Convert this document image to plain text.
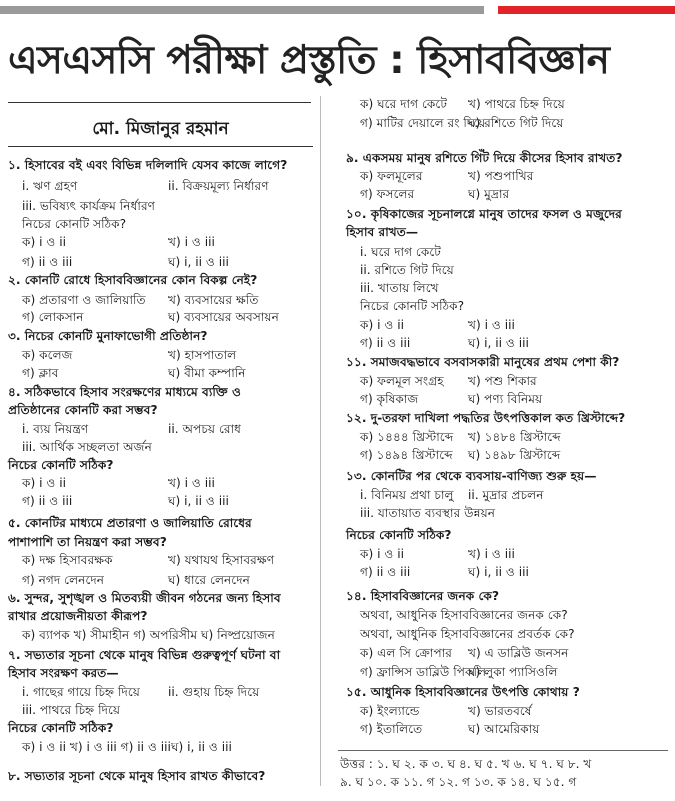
এসএসসি পরীক্ষা প্রস্তুতি : হিসাববিজ্ঞান
মো. মিজানুর রহমান
১. হিসাবের বই এবং বিভিন্ন দলিলাদি যেসব কাজে লাগে?
i. ঋণ গ্রহণ	ii. বিক্রয়মূল্য নির্ধারণ
iii. ভবিষ্যৎ কার্যক্রম নির্ধারণ
নিচের কোনটি সঠিক?
ক) i ও ii	খ) i ও iii
গ) ii ও iii	ঘ) i, ii ও iii
২. কোনটি রোধে হিসাববিজ্ঞানের কোন বিকল্প নেই?
ক) প্রতারণা ও জালিয়াতি খ) ব্যবসায়ের ক্ষতি
গ) লোকসান	ঘ) ব্যবসায়ের অবসায়ন
৩. নিচের কোনটি মুনাফাভোগী প্রতিষ্ঠান?
ক) কলেজ	খ) হাসপাতাল
গ) ক্লাব	ঘ) বীমা কম্পানি
৪. সঠিকভাবে হিসাব সংরক্ষণের মাধ্যমে ব্যক্তি ও
প্রতিষ্ঠানের কোনটি করা সম্ভব?
i. ব্যয় নিয়ন্ত্রণ	ii. অপচয় রোধ
iii. আর্থিক সচ্ছলতা অর্জন
নিচের কোনটি সঠিক?
ক) i ও ii	খ) i ও iii
গ) ii ও iii	ঘ) i, ii ও iii
৫. কোনটির মাধ্যমে প্রতারণা ও জালিয়াতি রোধের
পাশাপাশি তা নিয়ন্ত্রণ করা সম্ভব?
ক) দক্ষ হিসাবরক্ষক	খ) যথাযথ হিসাবরক্ষণ
গ) নগদ লেনদেন	ঘ) ধারে লেনদেন
৬. সুন্দর, সুশৃঙ্খল ও মিতব্যয়ী জীবন গঠনের জন্য হিসাব
রাখার প্রয়োজনীয়তা কীরূপ?
ক) ব্যাপক খ) সীমাহীন গ) অপরিসীম ঘ) নিষ্প্রয়োজন
৭. সভ্যতার সূচনা থেকে মানুষ বিভিন্ন গুরুত্বপূর্ণ ঘটনা বা
হিসাব সংরক্ষণ করত—
i. গাছের গায়ে চিহ্ন দিয়ে ii. গুহায় চিহ্ন দিয়ে
iii. পাথরে চিহ্ন দিয়ে
নিচের কোনটি সঠিক?
ক) i ও ii খ) i ও iii গ) ii ও iiiঘ) i, ii ও iii
৮. সভ্যতার সূচনা থেকে মানুষ হিসাব রাখত কীভাবে?
ক) ঘরে দাগ কেটে খ) পাথরে চিহ্ন দিয়ে
গ) মাটির দেয়ালে রং দিয়ে
ঘ) রশিতে গিট দিয়ে
৯. একসময় মানুষ রশিতে গিঁট দিয়ে কীসের হিসাব রাখত?
ক) ফলমূলের	খ) পশুপাখির
গ) ফসলের	ঘ) মুদ্রার
১০. কৃষিকাজের সূচনালগ্নে মানুষ তাদের ফসল ও মজুদের
হিসাব রাখত—
i. ঘরে দাগ কেটে
ii. রশিতে গিট দিয়ে
iii. খাতায় লিখে
নিচের কোনটি সঠিক?
ক) i ও ii	খ) i ও iii
গ) ii ও iii	ঘ) i, ii ও iii
১১. সমাজবদ্ধভাবে বসবাসকারী মানুষের প্রথম পেশা কী?
ক) ফলমূল সংগ্রহ খ) পশু শিকার
গ) কৃষিকাজ	ঘ) পণ্য বিনিময়
১২. দু-তরফা দাখিলা পদ্ধতির উৎপত্তিকাল কত খ্রিস্টাব্দে?
ক) ১৪৪৪ খ্রিস্টাব্দে খ) ১৪৮৪ খ্রিস্টাব্দে
গ) ১৪৯৪ খ্রিস্টাব্দে ঘ) ১৪৯৮ খ্রিস্টাব্দে
১৩. কোনটির পর থেকে ব্যবসায়-বাণিজ্য শুরু হয়—
i. বিনিময় প্রথা চালু ii. মুদ্রার প্রচলন
iii. যাতায়াত ব্যবস্থার উন্নয়ন
নিচের কোনটি সঠিক?
ক) i ও ii	খ) i ও iii
গ) ii ও iii	ঘ) i, ii ও iii
১৪. হিসাববিজ্ঞানের জনক কে?
অথবা, আধুনিক হিসাববিজ্ঞানের জনক কে?
অথবা, আধুনিক হিসাববিজ্ঞানের প্রবর্তক কে?
ক) এল সি ক্রোপার খ) এ ডাব্লিউ জনসন
গ) ফ্রান্সিস ডাব্লিউ পিকলি
ঘ) লুকা প্যাসিওলি
১৫. আধুনিক হিসাববিজ্ঞানের উৎপত্তি কোথায় ?
ক) ইংল্যান্ডে	খ) ভারতবর্ষে
গ) ইতালিতে	ঘ) আমেরিকায়
উত্তর : ১. ঘ ২. ক ৩. ঘ ৪. ঘ ৫. খ ৬. ঘ ৭. ঘ ৮. খ
৯. ঘ ১০. ক ১১. গ ১২. গ ১৩. ক ১৪. ঘ ১৫. গ
